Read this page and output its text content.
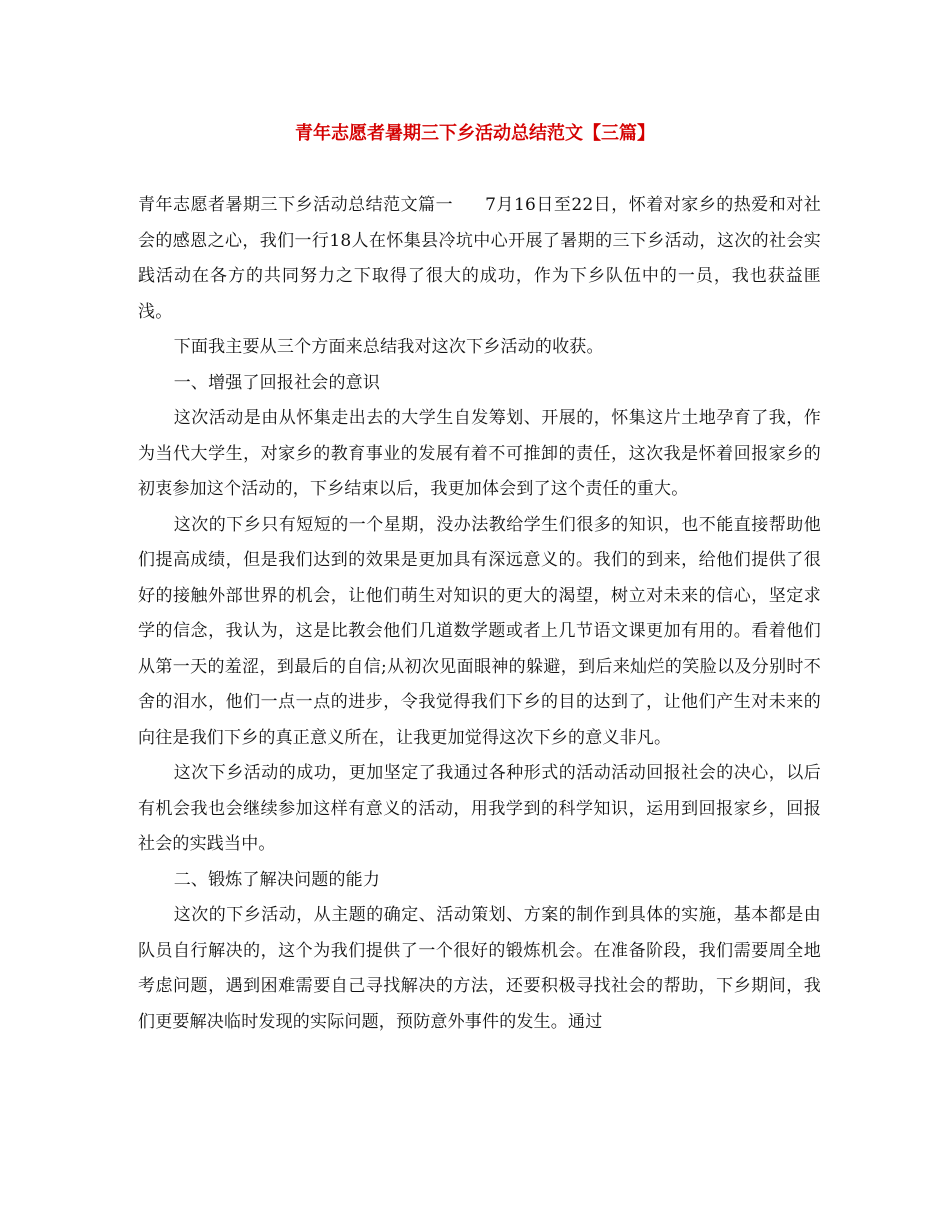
青年志愿者暑期三下乡活动总结范文【三篇】

青年志愿者暑期三下乡活动总结范文篇一 7月16日至22日，怀着对家乡的热爱和对社会的感恩之心，我们一行18人在怀集县冷坑中心开展了暑期的三下乡活动，这次的社会实践活动在各方的共同努力之下取得了很大的成功，作为下乡队伍中的一员，我也获益匪浅。

下面我主要从三个方面来总结我对这次下乡活动的收获。

一、增强了回报社会的意识

这次活动是由从怀集走出去的大学生自发筹划、开展的，怀集这片土地孕育了我，作为当代大学生，对家乡的教育事业的发展有着不可推卸的责任，这次我是怀着回报家乡的初衷参加这个活动的，下乡结束以后，我更加体会到了这个责任的重大。

这次的下乡只有短短的一个星期，没办法教给学生们很多的知识，也不能直接帮助他们提高成绩，但是我们达到的效果是更加具有深远意义的。我们的到来，给他们提供了很好的接触外部世界的机会，让他们萌生对知识的更大的渴望，树立对未来的信心，坚定求学的信念，我认为，这是比教会他们几道数学题或者上几节语文课更加有用的。看着他们从第一天的羞涩，到最后的自信;从初次见面眼神的躲避，到后来灿烂的笑脸以及分别时不舍的泪水，他们一点一点的进步，令我觉得我们下乡的目的达到了，让他们产生对未来的向往是我们下乡的真正意义所在，让我更加觉得这次下乡的意义非凡。

这次下乡活动的成功，更加坚定了我通过各种形式的活动活动回报社会的决心，以后有机会我也会继续参加这样有意义的活动，用我学到的科学知识，运用到回报家乡，回报社会的实践当中。

二、锻炼了解决问题的能力

这次的下乡活动，从主题的确定、活动策划、方案的制作到具体的实施，基本都是由队员自行解决的，这个为我们提供了一个很好的锻炼机会。在准备阶段，我们需要周全地考虑问题，遇到困难需要自己寻找解决的方法，还要积极寻找社会的帮助，下乡期间，我们更要解决临时发现的实际问题，预防意外事件的发生。通过
